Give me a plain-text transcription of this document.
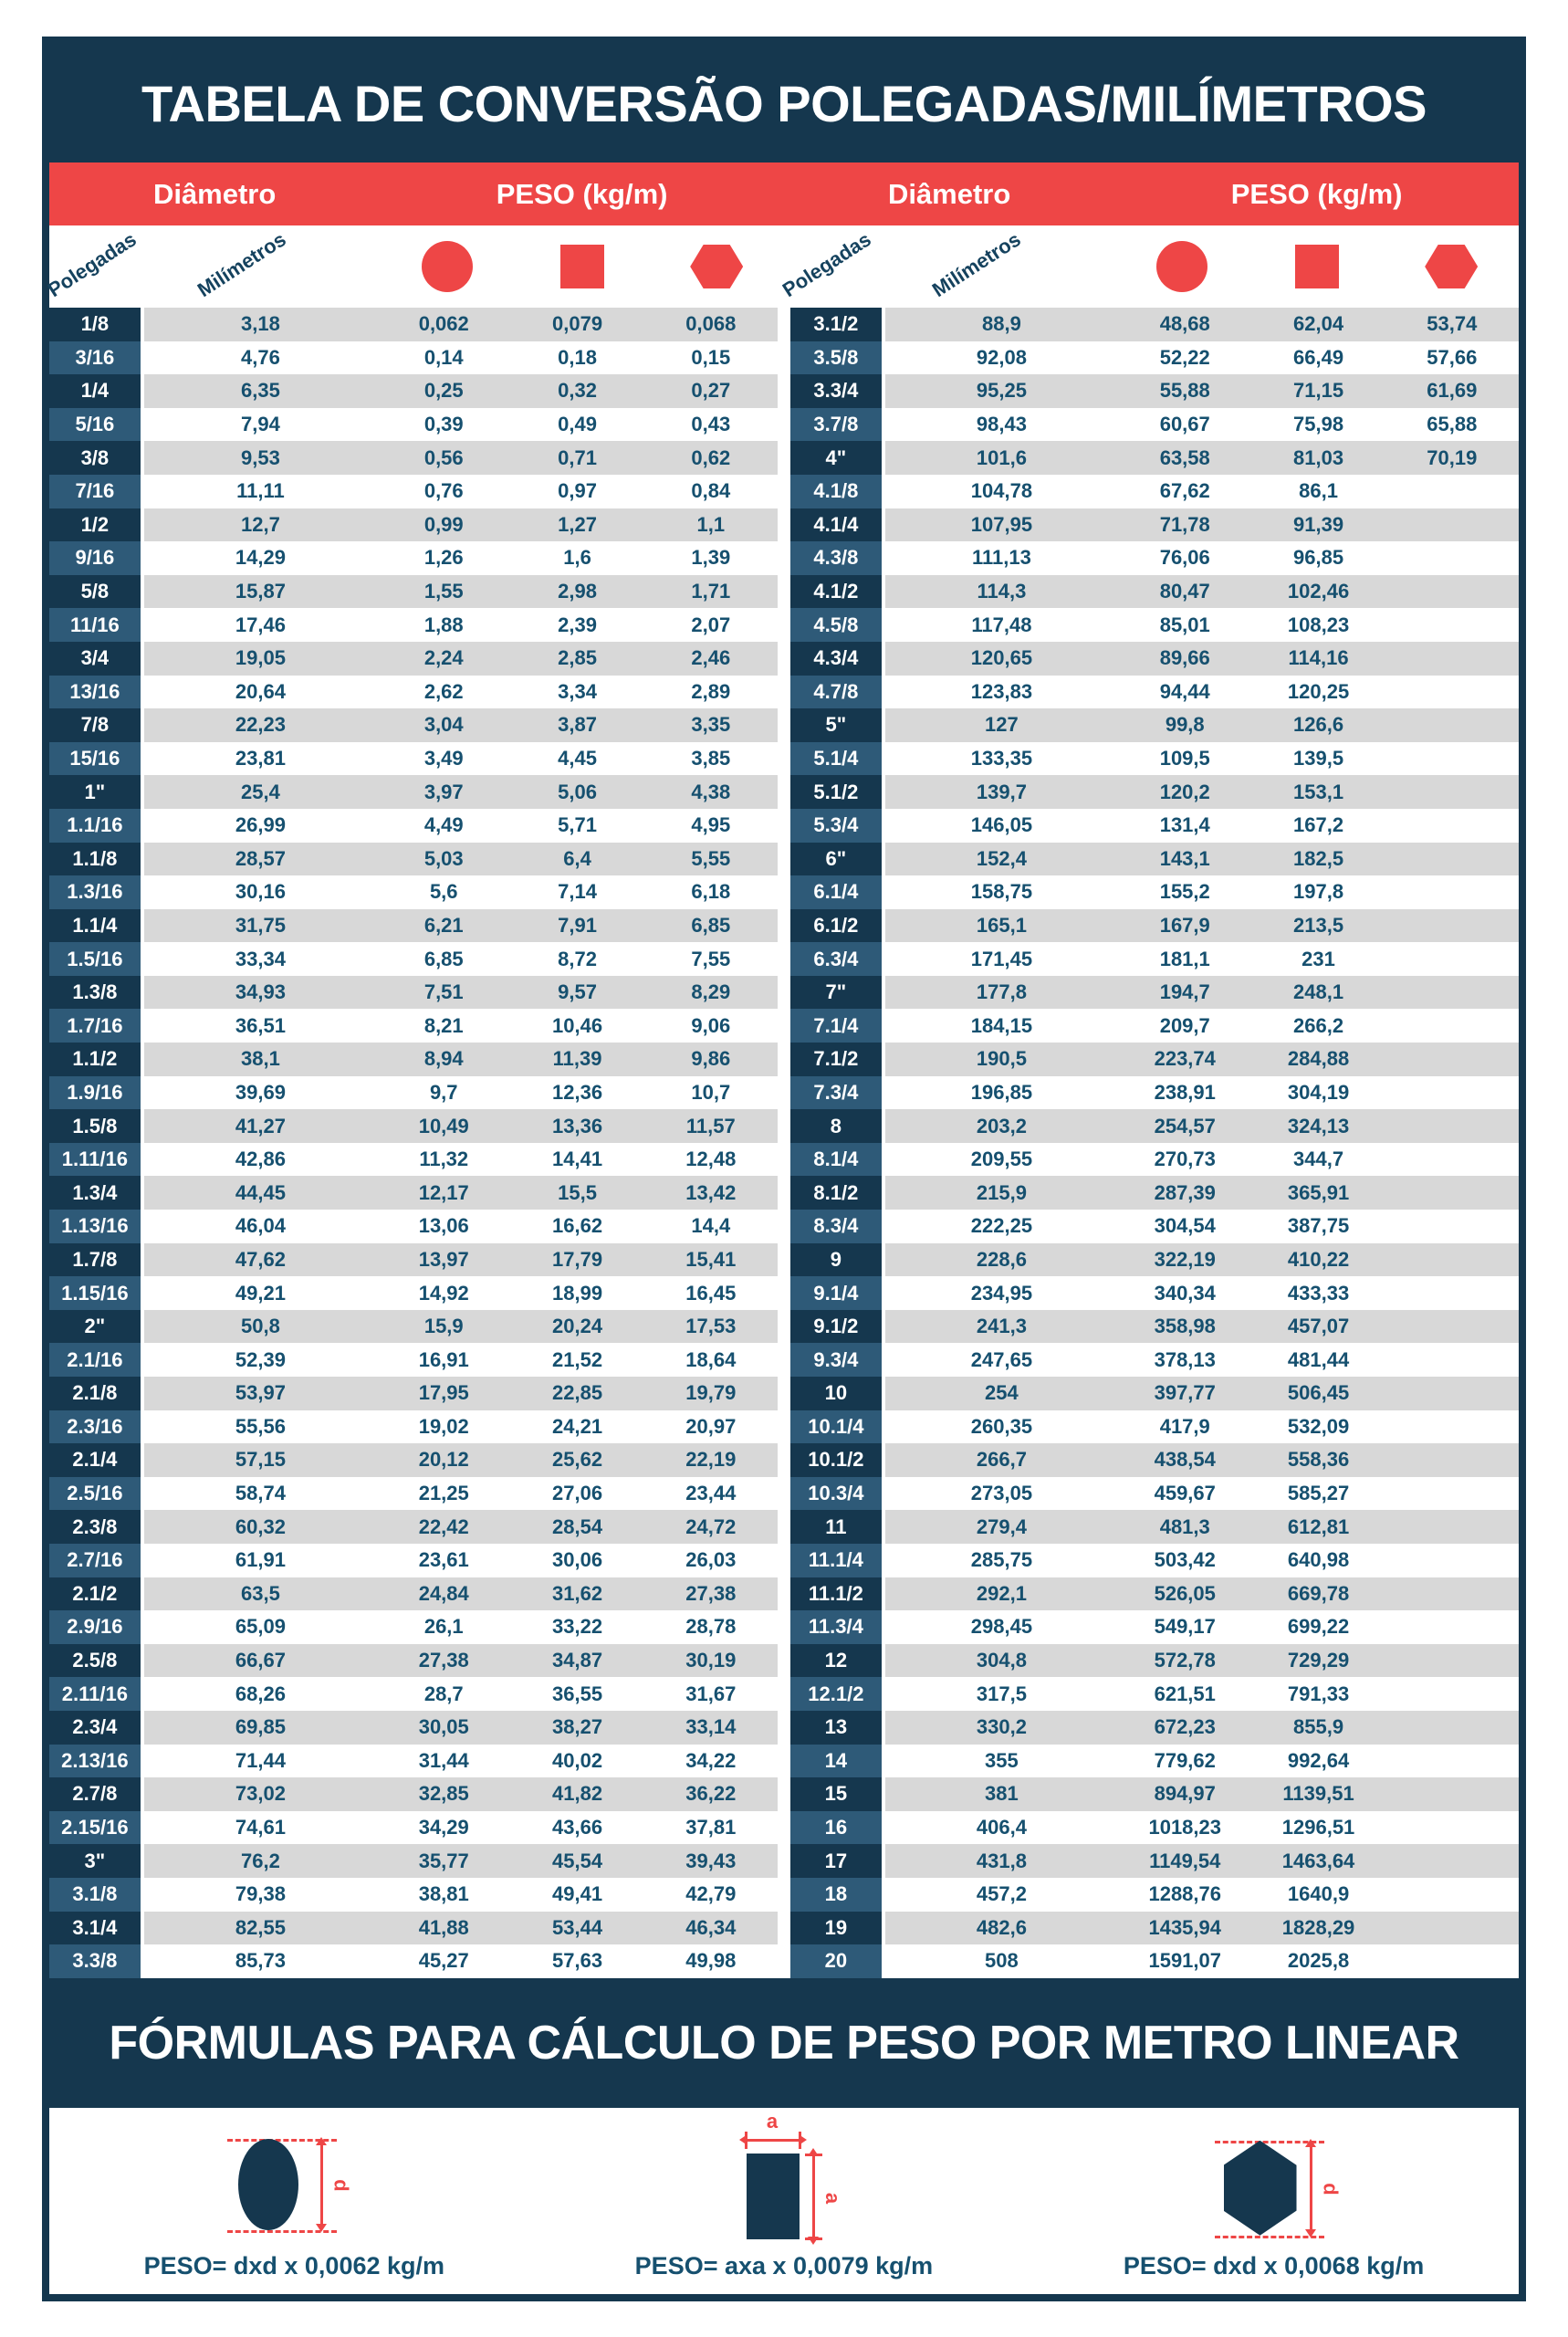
TABELA DE CONVERSÃO POLEGADAS/MILÍMETROS
Diâmetro	PESO (kg/m)	Diâmetro	PESO (kg/m)
Polegadas	Milímetros	Polegadas	Milímetros
1/8	3,18	0,062	0,079	0,068
3/16	4,76	0,14	0,18	0,15
1/4	6,35	0,25	0,32	0,27
5/16	7,94	0,39	0,49	0,43
3/8	9,53	0,56	0,71	0,62
7/16	11,11	0,76	0,97	0,84
1/2	12,7	0,99	1,27	1,1
9/16	14,29	1,26	1,6	1,39
5/8	15,87	1,55	2,98	1,71
11/16	17,46	1,88	2,39	2,07
3/4	19,05	2,24	2,85	2,46
13/16	20,64	2,62	3,34	2,89
7/8	22,23	3,04	3,87	3,35
15/16	23,81	3,49	4,45	3,85
1"	25,4	3,97	5,06	4,38
1.1/16	26,99	4,49	5,71	4,95
1.1/8	28,57	5,03	6,4	5,55
1.3/16	30,16	5,6	7,14	6,18
1.1/4	31,75	6,21	7,91	6,85
1.5/16	33,34	6,85	8,72	7,55
1.3/8	34,93	7,51	9,57	8,29
1.7/16	36,51	8,21	10,46	9,06
1.1/2	38,1	8,94	11,39	9,86
1.9/16	39,69	9,7	12,36	10,7
1.5/8	41,27	10,49	13,36	11,57
1.11/16	42,86	11,32	14,41	12,48
1.3/4	44,45	12,17	15,5	13,42
1.13/16	46,04	13,06	16,62	14,4
1.7/8	47,62	13,97	17,79	15,41
1.15/16	49,21	14,92	18,99	16,45
2"	50,8	15,9	20,24	17,53
2.1/16	52,39	16,91	21,52	18,64
2.1/8	53,97	17,95	22,85	19,79
2.3/16	55,56	19,02	24,21	20,97
2.1/4	57,15	20,12	25,62	22,19
2.5/16	58,74	21,25	27,06	23,44
2.3/8	60,32	22,42	28,54	24,72
2.7/16	61,91	23,61	30,06	26,03
2.1/2	63,5	24,84	31,62	27,38
2.9/16	65,09	26,1	33,22	28,78
2.5/8	66,67	27,38	34,87	30,19
2.11/16	68,26	28,7	36,55	31,67
2.3/4	69,85	30,05	38,27	33,14
2.13/16	71,44	31,44	40,02	34,22
2.7/8	73,02	32,85	41,82	36,22
2.15/16	74,61	34,29	43,66	37,81
3"	76,2	35,77	45,54	39,43
3.1/8	79,38	38,81	49,41	42,79
3.1/4	82,55	41,88	53,44	46,34
3.3/8	85,73	45,27	57,63	49,98
3.1/2	88,9	48,68	62,04	53,74
3.5/8	92,08	52,22	66,49	57,66
3.3/4	95,25	55,88	71,15	61,69
3.7/8	98,43	60,67	75,98	65,88
4"	101,6	63,58	81,03	70,19
4.1/8	104,78	67,62	86,1
4.1/4	107,95	71,78	91,39
4.3/8	111,13	76,06	96,85
4.1/2	114,3	80,47	102,46
4.5/8	117,48	85,01	108,23
4.3/4	120,65	89,66	114,16
4.7/8	123,83	94,44	120,25
5"	127	99,8	126,6
5.1/4	133,35	109,5	139,5
5.1/2	139,7	120,2	153,1
5.3/4	146,05	131,4	167,2
6"	152,4	143,1	182,5
6.1/4	158,75	155,2	197,8
6.1/2	165,1	167,9	213,5
6.3/4	171,45	181,1	231
7"	177,8	194,7	248,1
7.1/4	184,15	209,7	266,2
7.1/2	190,5	223,74	284,88
7.3/4	196,85	238,91	304,19
8	203,2	254,57	324,13
8.1/4	209,55	270,73	344,7
8.1/2	215,9	287,39	365,91
8.3/4	222,25	304,54	387,75
9	228,6	322,19	410,22
9.1/4	234,95	340,34	433,33
9.1/2	241,3	358,98	457,07
9.3/4	247,65	378,13	481,44
10	254	397,77	506,45
10.1/4	260,35	417,9	532,09
10.1/2	266,7	438,54	558,36
10.3/4	273,05	459,67	585,27
11	279,4	481,3	612,81
11.1/4	285,75	503,42	640,98
11.1/2	292,1	526,05	669,78
11.3/4	298,45	549,17	699,22
12	304,8	572,78	729,29
12.1/2	317,5	621,51	791,33
13	330,2	672,23	855,9
14	355	779,62	992,64
15	381	894,97	1139,51
16	406,4	1018,23	1296,51
17	431,8	1149,54	1463,64
18	457,2	1288,76	1640,9
19	482,6	1435,94	1828,29
20	508	1591,07	2025,8
FÓRMULAS PARA CÁLCULO DE PESO POR METRO LINEAR
d
PESO= dxd x 0,0062 kg/m
a
a
PESO= axa x 0,0079 kg/m
d
PESO= dxd x 0,0068 kg/m
